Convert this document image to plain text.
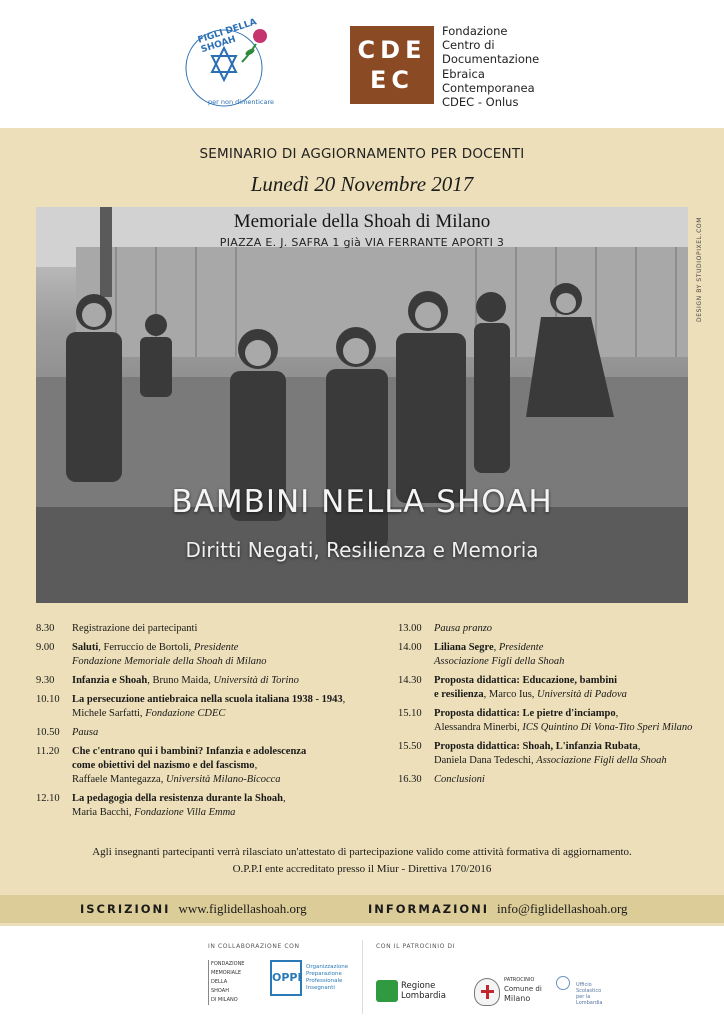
FIGLI DELLA SHOAH
per non dimenticare
CDE
EC
Fondazione
Centro di
Documentazione
Ebraica
Contemporanea
CDEC - Onlus
SEMINARIO DI AGGIORNAMENTO PER DOCENTI
Lunedì 20 Novembre 2017
Memoriale della Shoah di Milano
PIAZZA E. J. SAFRA 1 già VIA FERRANTE APORTI 3
BAMBINI NELLA SHOAH
Diritti Negati, Resilienza e Memoria
DESIGN BY STUDIOPIXEL.COM
8.30	Registrazione dei partecipanti
9.00	Saluti, Ferruccio de Bortoli, Presidente
Fondazione Memoriale della Shoah di Milano
9.30	Infanzia e Shoah, Bruno Maida, Università di Torino
10.10	La persecuzione antiebraica nella scuola italiana 1938 - 1943,
Michele Sarfatti, Fondazione CDEC
10.50	Pausa
11.20	Che c'entrano qui i bambini? Infanzia e adolescenza
come obiettivi del nazismo e del fascismo,
Raffaele Mantegazza, Università Milano-Bicocca
12.10	La pedagogia della resistenza durante la Shoah,
Maria Bacchi, Fondazione Villa Emma
13.00	Pausa pranzo
14.00	Liliana Segre, Presidente
Associazione Figli della Shoah
14.30	Proposta didattica: Educazione, bambini
e resilienza, Marco Ius, Università di Padova
15.10	Proposta didattica: Le pietre d'inciampo,
Alessandra Minerbi, ICS Quintino Di Vona-Tito Speri Milano
15.50	Proposta didattica: Shoah, L'infanzia Rubata,
Daniela Dana Tedeschi, Associazione Figli della Shoah
16.30	Conclusioni
Agli insegnanti partecipanti verrà rilasciato un'attestato di partecipazione valido come attività formativa di aggiornamento.
O.P.P.I ente accreditato presso il Miur - Direttiva 170/2016
ISCRIZIONI www.figlidellashoah.org	INFORMAZIONI info@figlidellashoah.org
IN COLLABORAZIONE CON	CON IL PATROCINIO DI
FONDAZIONE
MEMORIALE
DELLA SHOAH
DI MILANO
OPPI
Organizzazione
Preparazione
Professionale
Insegnanti	Regione
Lombardia
PATROCINIO
Comune di
Milano
Ufficio
Scolastico
per la
Lombardia
